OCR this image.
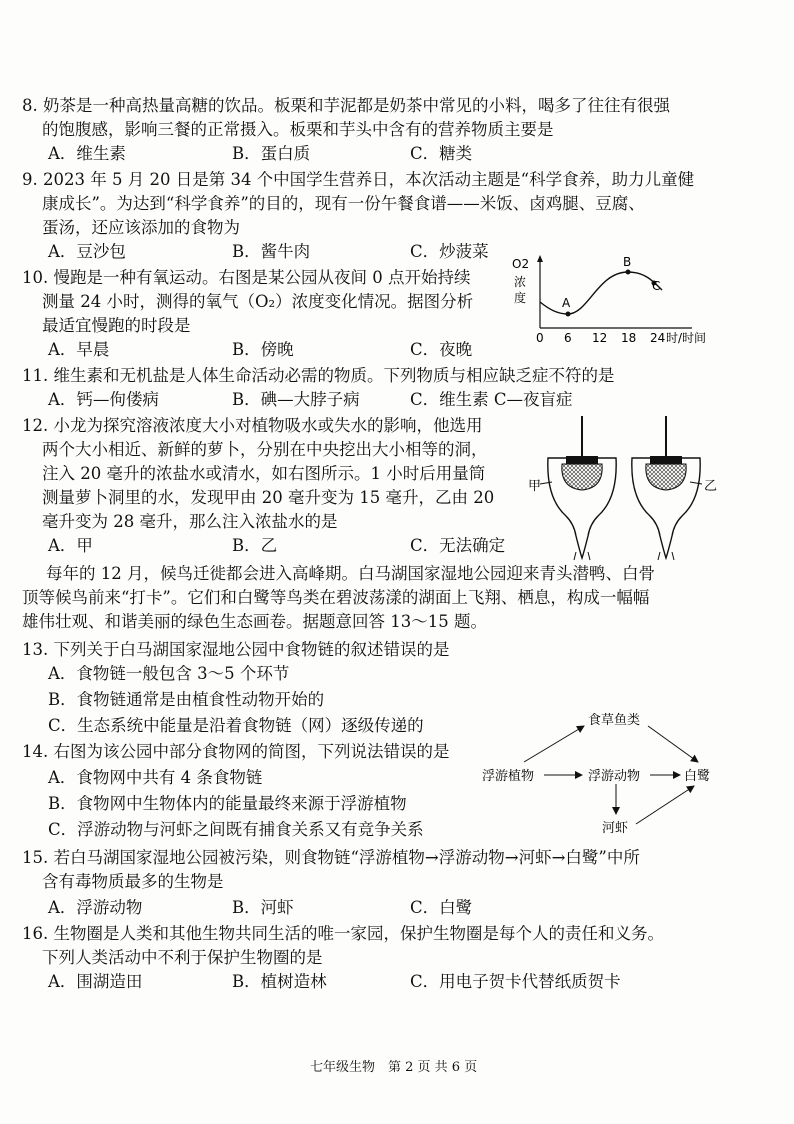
8. 奶茶是一种高热量高糖的饮品。板栗和芋泥都是奶茶中常见的小料，喝多了往往有很强
的饱腹感，影响三餐的正常摄入。板栗和芋头中含有的营养物质主要是
A．维生素	B．蛋白质	C．糖类
9. 2023 年 5 月 20 日是第 34 个中国学生营养日，本次活动主题是“科学食养，助力儿童健
康成长”。为达到“科学食养”的目的，现有一份午餐食谱——米饭、卤鸡腿、豆腐、
蛋汤，还应该添加的食物为
A．豆沙包	B．酱牛肉	C．炒菠菜
10. 慢跑是一种有氧运动。右图是某公园从夜间 0 点开始持续
测量 24 小时，测得的氧气（O₂）浓度变化情况。据图分析
最适宜慢跑的时段是
A．早晨	B．傍晚	C．夜晚
O2
浓
度	A
B
C
0 6 12 18 24 时/时间
11. 维生素和无机盐是人体生命活动必需的物质。下列物质与相应缺乏症不符的是
A．钙—佝偻病	B．碘—大脖子病	C．维生素 C—夜盲症
12. 小龙为探究溶液浓度大小对植物吸水或失水的影响，他选用
两个大小相近、新鲜的萝卜，分别在中央挖出大小相等的洞，
注入 20 毫升的浓盐水或清水，如右图所示。1 小时后用量筒
测量萝卜洞里的水，发现甲由 20 毫升变为 15 毫升，乙由 20
毫升变为 28 毫升，那么注入浓盐水的是
A．甲	B．乙	C．无法确定
甲	乙
每年的 12 月，候鸟迁徙都会进入高峰期。白马湖国家湿地公园迎来青头潜鸭、白骨
顶等候鸟前来“打卡”。它们和白鹭等鸟类在碧波荡漾的湖面上飞翔、栖息，构成一幅幅
雄伟壮观、和谐美丽的绿色生态画卷。据题意回答 13～15 题。
13. 下列关于白马湖国家湿地公园中食物链的叙述错误的是
A．食物链一般包含 3～5 个环节
B．食物链通常是由植食性动物开始的
C．生态系统中能量是沿着食物链（网）逐级传递的
14. 右图为该公园中部分食物网的简图，下列说法错误的是
A．食物网中共有 4 条食物链
B．食物网中生物体内的能量最终来源于浮游植物
C．浮游动物与河虾之间既有捕食关系又有竞争关系
食草鱼类
浮游植物	浮游动物	白鹭
河虾
15. 若白马湖国家湿地公园被污染，则食物链“浮游植物→浮游动物→河虾→白鹭”中所
含有毒物质最多的生物是
A．浮游动物	B．河虾	C．白鹭
16. 生物圈是人类和其他生物共同生活的唯一家园，保护生物圈是每个人的责任和义务。
下列人类活动中不利于保护生物圈的是
A．围湖造田	B．植树造林	C．用电子贺卡代替纸质贺卡
七年级生物　第 2 页 共 6 页
